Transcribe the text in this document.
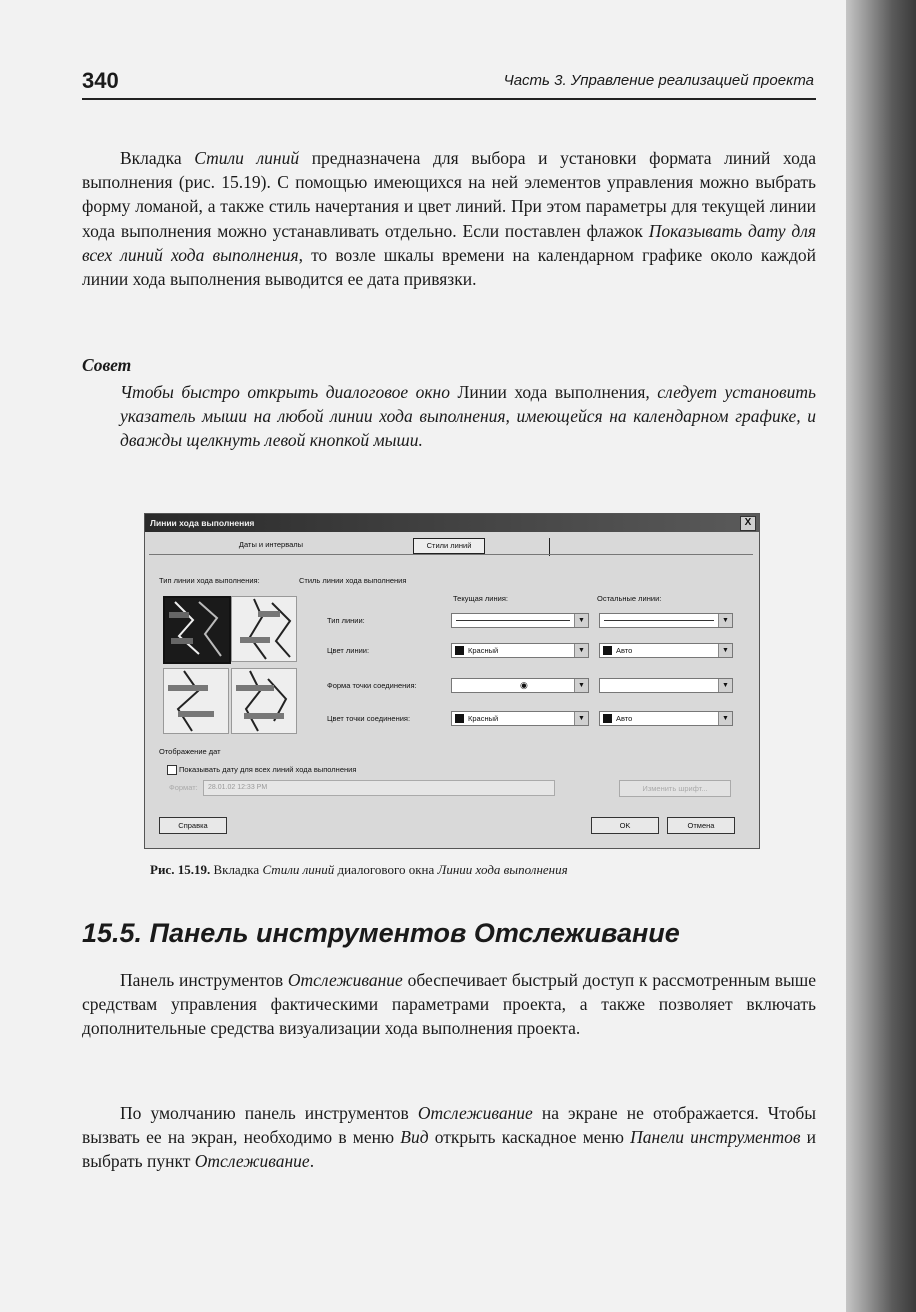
340	Часть 3. Управление реализацией проекта

Вкладка Стили линий предназначена для выбора и установки формата линий хода выполнения (рис. 15.19). С помощью имеющихся на ней элементов управления можно выбрать форму ломаной, а также стиль начертания и цвет линий. При этом параметры для текущей линии хода выполнения можно устанавливать отдельно. Если поставлен флажок Показывать дату для всех линий хода выполнения, то возле шкалы времени на календарном графике около каждой линии хода выполнения выводится ее дата привязки.

Совет

Чтобы быстро открыть диалоговое окно Линии хода выполнения, следует установить указатель мыши на любой линии хода выполнения, имеющейся на календарном графике, и дважды щелкнуть левой кнопкой мыши.

Линии хода выполнения	X
Даты и интервалы	Стили линий
Тип линии хода выполнения:	Стиль линии хода выполнения
Текущая линия:	Остальные линии:
Тип линии:	▼	▼
Цвет линии:	Красный	▼	Авто	▼
Форма точки соединения:	◉	▼	▼
Цвет точки соединения:	Красный	▼	Авто	▼
Отображение дат
Показывать дату для всех линий хода выполнения
Формат:	28.01.02 12:33 PM	Изменить шрифт...
Справка	OK	Отмена
Рис. 15.19. Вкладка Стили линий диалогового окна Линии хода выполнения
15.5. Панель инструментов Отслеживание

Панель инструментов Отслеживание обеспечивает быстрый доступ к рассмотренным выше средствам управления фактическими параметрами проекта, а также позволяет включать дополнительные средства визуализации хода выполнения проекта.

По умолчанию панель инструментов Отслеживание на экране не отображается. Чтобы вызвать ее на экран, необходимо в меню Вид открыть каскадное меню Панели инструментов и выбрать пункт Отслеживание.
